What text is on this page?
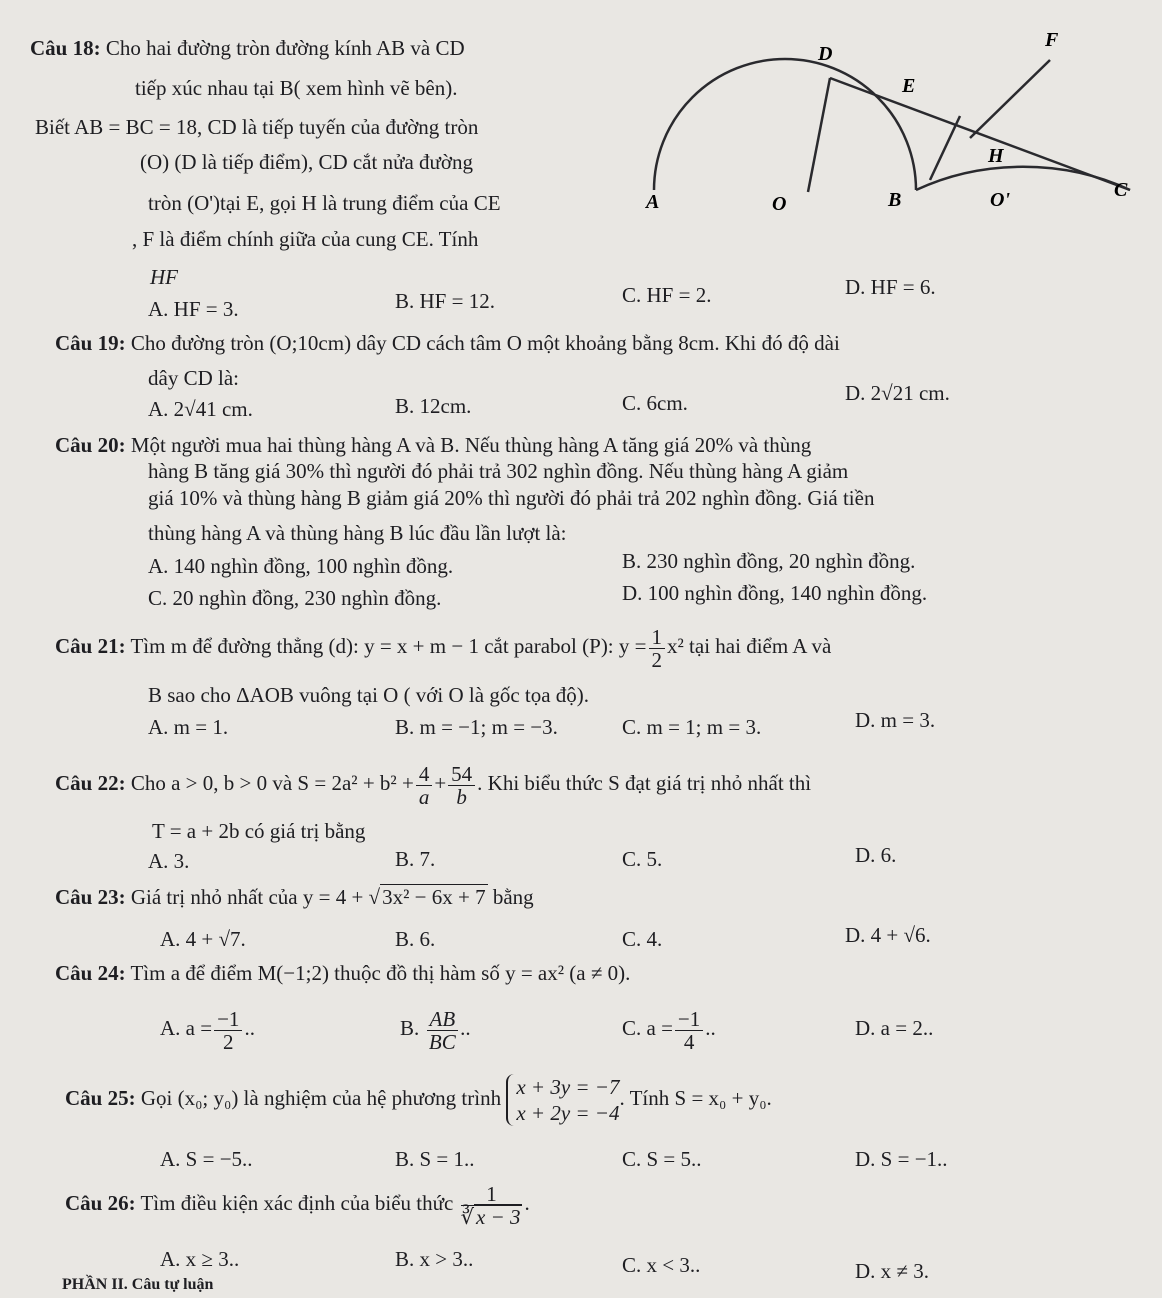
Câu 18: Cho hai đường tròn đường kính AB và CD
tiếp xúc nhau tại B( xem hình vẽ bên).
Biết AB = BC = 18, CD là tiếp tuyến của đường tròn
(O) (D là tiếp điểm), CD cắt nửa đường
tròn (O')tại E, gọi H là trung điểm của CE
, F là điểm chính giữa của cung CE. Tính
HF
A. HF = 3.	B. HF = 12.	C. HF = 2.	D. HF = 6.
D
F
E
H
A	O	B	O'	C
Câu 19: Cho đường tròn (O;10cm) dây CD cách tâm O một khoảng bằng 8cm. Khi đó độ dài
dây CD là:
A. 2√41 cm.	B. 12cm.	C. 6cm.	D. 2√21 cm.
Câu 20: Một người mua hai thùng hàng A và B. Nếu thùng hàng A tăng giá 20% và thùng
hàng B tăng giá 30% thì người đó phải trả 302 nghìn đồng. Nếu thùng hàng A giảm
giá 10% và thùng hàng B giảm giá 20% thì người đó phải trả 202 nghìn đồng. Giá tiền
thùng hàng A và thùng hàng B lúc đầu lần lượt là:
A. 140 nghìn đồng, 100 nghìn đồng.	B. 230 nghìn đồng, 20 nghìn đồng.
C. 20 nghìn đồng, 230 nghìn đồng.	D. 100 nghìn đồng, 140 nghìn đồng.
Câu 21: Tìm m để đường thẳng (d): y = x + m − 1 cắt parabol (P): $y = \frac{1}{2} x^2$ tại hai điểm A và
B sao cho ΔAOB vuông tại O ( với O là gốc tọa độ).
A. m = 1.	B. m = −1; m = −3.	C. m = 1; m = 3.	D. m = 3.
Câu 22: Cho a > 0, b > 0 và $S = 2a^2 + b^2 + \frac{4}{a} + \frac{54}{b}$ . Khi biểu thức S đạt giá trị nhỏ nhất thì
T = a + 2b có giá trị bằng
A. 3.	B. 7.	C. 5.	D. 6.
Câu 23: Giá trị nhỏ nhất của y = 4 + √3x² − 6x + 7 bằng
A. 4 + √7.	B. 6.	C. 4.	D. 4 + √6.
Câu 24: Tìm a để điểm M(−1;2) thuộc đồ thị hàm số y = ax² (a ≠ 0).
A. $a = \frac{-1}{2}$ ..	B. $\frac{AB}{BC}$ ..	C. $a = \frac{-1}{4}$ ..	D. a = 2..
Câu 25: Gọi (x₀; y₀) là nghiệm của hệ phương trình x + 3y = −7
x + 2y = −4
. Tính S = x₀ + y₀.
A. S = −5..	B. S = 1..	C. S = 5..	D. S = −1..
Câu 26: Tìm điều kiện xác định của biểu thức $\frac{1}{∛x - 3}$ .
A. x ≥ 3..	B. x > 3..	C. x < 3..	D. x ≠ 3.
PHẦN II. Câu tự luận
